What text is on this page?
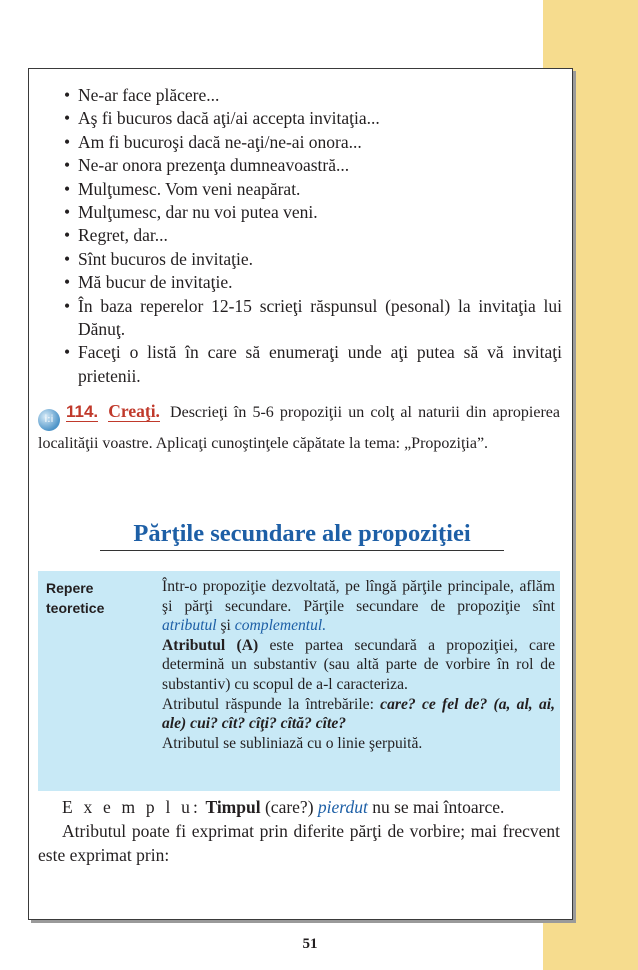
• Ne-ar face plăcere...
• Aş fi bucuros dacă aţi/ai accepta invitaţia...
• Am fi bucuroşi dacă ne-aţi/ne-ai onora...
• Ne-ar onora prezenţa dumneavoastră...
• Mulţumesc. Vom veni neapărat.
• Mulţumesc, dar nu voi putea veni.
• Regret, dar...
• Sînt bucuros de invitaţie.
• Mă bucur de invitaţie.
• În baza reperelor 12-15 scrieţi răspunsul (pesonal) la invitaţia lui Dănuţ.
• Faceţi o listă în care să enumeraţi unde aţi putea să vă invitaţi prietenii.
i:i 114. Creaţi. Descrieţi în 5-6 propoziţii un colţ al naturii din apropierea localităţii voastre. Aplicaţi cunoştinţele căpătate la tema: „Propoziţia”.
Părţile secundare ale propoziţiei
Repere teoretice

Într-o propoziţie dezvoltată, pe lîngă părţile principale, aflăm şi părţi secundare. Părţile secundare de propoziţie sînt atributul şi complementul.

Atributul (A) este partea secundară a propoziţiei, care determină un substantiv (sau altă parte de vorbire în rol de substantiv) cu scopul de a-l caracteriza.

Atributul răspunde la întrebările: care? ce fel de? (a, al, ai, ale) cui? cît? cîţi? cîtă? cîte?

Atributul se subliniază cu o linie şerpuită.

E x e m p l u: Timpul (care?) pierdut nu se mai întoarce.

Atributul poate fi exprimat prin diferite părţi de vorbire; mai frecvent este exprimat prin:

51
